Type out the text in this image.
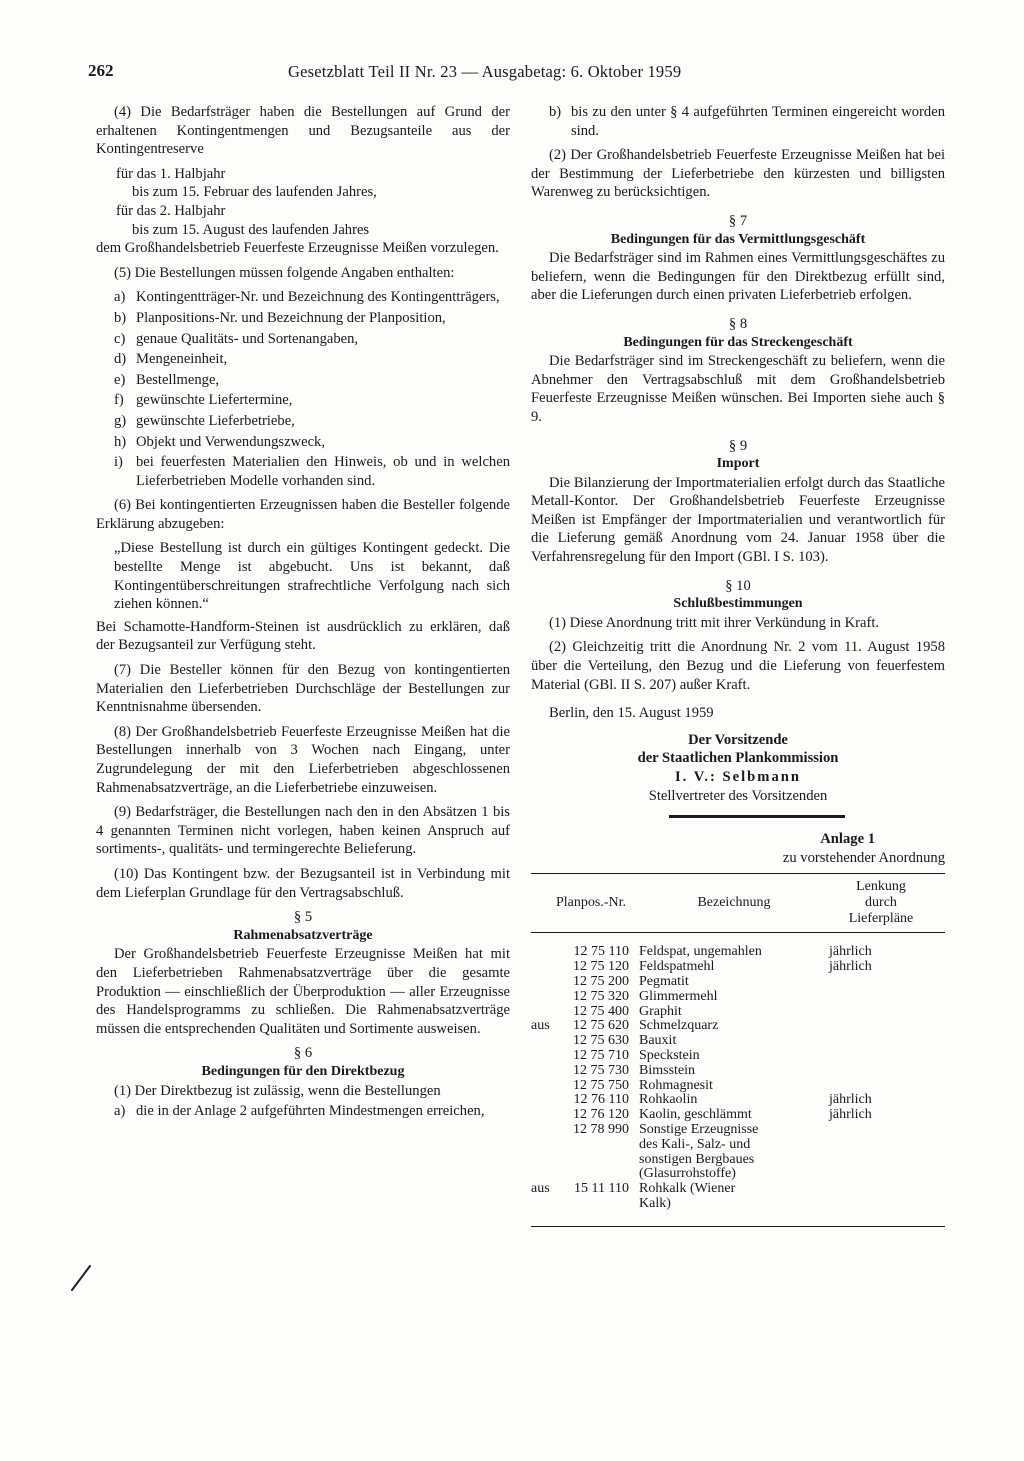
262	Gesetzblatt Teil II Nr. 23 — Ausgabetag: 6. Oktober 1959
(4) Die Bedarfsträger haben die Bestellungen auf Grund der erhaltenen Kontingentmengen und Bezugsanteile aus der Kontingentreserve
für das 1. Halbjahr
bis zum 15. Februar des laufenden Jahres,
für das 2. Halbjahr
bis zum 15. August des laufenden Jahres
dem Großhandelsbetrieb Feuerfeste Erzeugnisse Meißen vorzulegen.
(5) Die Bestellungen müssen folgende Angaben enthalten:
a) Kontingentträger-Nr. und Bezeichnung des Kontingentträgers,
b) Planpositions-Nr. und Bezeichnung der Planposition,
c) genaue Qualitäts- und Sortenangaben,
d) Mengeneinheit,
e) Bestellmenge,
f) gewünschte Liefertermine,
g) gewünschte Lieferbetriebe,
h) Objekt und Verwendungszweck,
i) bei feuerfesten Materialien den Hinweis, ob und in welchen Lieferbetrieben Modelle vorhanden sind.
(6) Bei kontingentierten Erzeugnissen haben die Besteller folgende Erklärung abzugeben:
„Diese Bestellung ist durch ein gültiges Kontingent gedeckt. Die bestellte Menge ist abgebucht. Uns ist bekannt, daß Kontingentüberschreitungen strafrechtliche Verfolgung nach sich ziehen können.“
Bei Schamotte-Handform-Steinen ist ausdrücklich zu erklären, daß der Bezugsanteil zur Verfügung steht.
(7) Die Besteller können für den Bezug von kontingentierten Materialien den Lieferbetrieben Durchschläge der Bestellungen zur Kenntnisnahme übersenden.
(8) Der Großhandelsbetrieb Feuerfeste Erzeugnisse Meißen hat die Bestellungen innerhalb von 3 Wochen nach Eingang, unter Zugrundelegung der mit den Lieferbetrieben abgeschlossenen Rahmenabsatzverträge, an die Lieferbetriebe einzuweisen.
(9) Bedarfsträger, die Bestellungen nach den in den Absätzen 1 bis 4 genannten Terminen nicht vorlegen, haben keinen Anspruch auf sortiments-, qualitäts- und termingerechte Belieferung.
(10) Das Kontingent bzw. der Bezugsanteil ist in Verbindung mit dem Lieferplan Grundlage für den Vertragsabschluß.
§ 5
Rahmenabsatzverträge
Der Großhandelsbetrieb Feuerfeste Erzeugnisse Meißen hat mit den Lieferbetrieben Rahmenabsatzverträge über die gesamte Produktion — einschließlich der Überproduktion — aller Erzeugnisse des Handelsprogramms zu schließen. Die Rahmenabsatzverträge müssen die entsprechenden Qualitäten und Sortimente ausweisen.
§ 6
Bedingungen für den Direktbezug
(1) Der Direktbezug ist zulässig, wenn die Bestellungen
a) die in der Anlage 2 aufgeführten Mindestmengen erreichen,
b) bis zu den unter § 4 aufgeführten Terminen eingereicht worden sind.
(2) Der Großhandelsbetrieb Feuerfeste Erzeugnisse Meißen hat bei der Bestimmung der Lieferbetriebe den kürzesten und billigsten Warenweg zu berücksichtigen.
§ 7
Bedingungen für das Vermittlungsgeschäft
Die Bedarfsträger sind im Rahmen eines Vermittlungsgeschäftes zu beliefern, wenn die Bedingungen für den Direktbezug erfüllt sind, aber die Lieferungen durch einen privaten Lieferbetrieb erfolgen.
§ 8
Bedingungen für das Streckengeschäft
Die Bedarfsträger sind im Streckengeschäft zu beliefern, wenn die Abnehmer den Vertragsabschluß mit dem Großhandelsbetrieb Feuerfeste Erzeugnisse Meißen wünschen. Bei Importen siehe auch § 9.
§ 9
Import
Die Bilanzierung der Importmaterialien erfolgt durch das Staatliche Metall-Kontor. Der Großhandelsbetrieb Feuerfeste Erzeugnisse Meißen ist Empfänger der Importmaterialien und verantwortlich für die Lieferung gemäß Anordnung vom 24. Januar 1958 über die Verfahrensregelung für den Import (GBl. I S. 103).
§ 10
Schlußbestimmungen
(1) Diese Anordnung tritt mit ihrer Verkündung in Kraft.
(2) Gleichzeitig tritt die Anordnung Nr. 2 vom 11. August 1958 über die Verteilung, den Bezug und die Lieferung von feuerfestem Material (GBl. II S. 207) außer Kraft.
Berlin, den 15. August 1959
Der Vorsitzende
der Staatlichen Plankommission
I. V.: Selbmann
Stellvertreter des Vorsitzenden
Anlage 1
zu vorstehender Anordnung
Planpos.-Nr.	Bezeichnung
Lenkung
durch
Lieferpläne
12 75 110 Feldspat, ungemahlen	jährlich
12 75 120 Feldspatmehl	jährlich
12 75 200 Pegmatit
12 75 320 Glimmermehl
12 75 400 Graphit
aus	12 75 620 Schmelzquarz
12 75 630 Bauxit
12 75 710 Speckstein
12 75 730 Bimsstein
12 75 750 Rohmagnesit
12 76 110 Rohkaolin	jährlich
12 76 120 Kaolin, geschlämmt	jährlich
12 78 990 Sonstige Erzeugnisse
des Kali-, Salz- und
sonstigen Bergbaues
(Glasurrohstoffe)
aus	15 11 110 Rohkalk (Wiener
Kalk)
